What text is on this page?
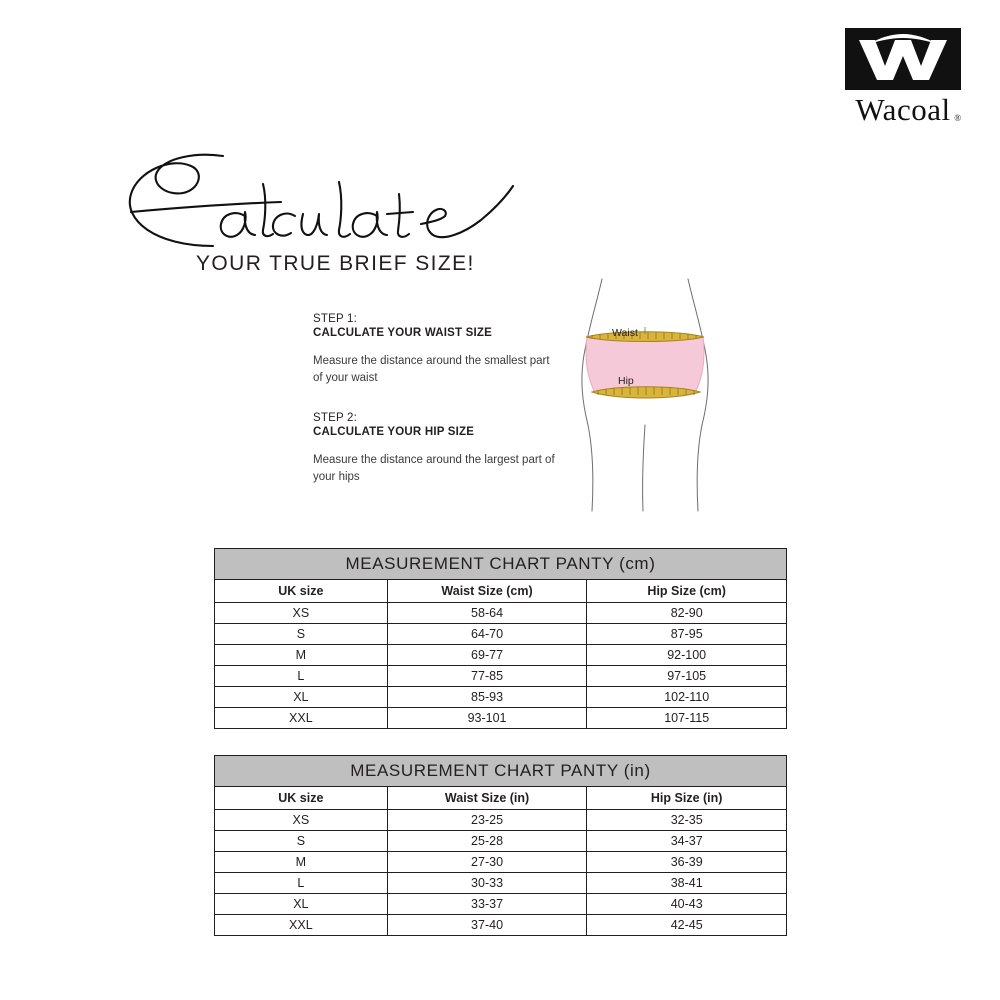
Wacoal ®
YOUR TRUE BRIEF SIZE!

STEP 1:

CALCULATE YOUR WAIST SIZE

Measure the distance around the smallest part of your waist

STEP 2:

CALCULATE YOUR HIP SIZE

Measure the distance around the largest part of your hips

Waist
Hip
MEASUREMENT CHART PANTY (cm)		
UK size	Waist Size (cm)	Hip Size (cm)
XS	58-64	82-90
S	64-70	87-95
M	69-77	92-100
L	77-85	97-105
XL	85-93	102-110
XXL	93-101	107-115
MEASUREMENT CHART PANTY (in)		
UK size	Waist Size (in)	Hip Size (in)
XS	23-25	32-35
S	25-28	34-37
M	27-30	36-39
L	30-33	38-41
XL	33-37	40-43
XXL	37-40	42-45
